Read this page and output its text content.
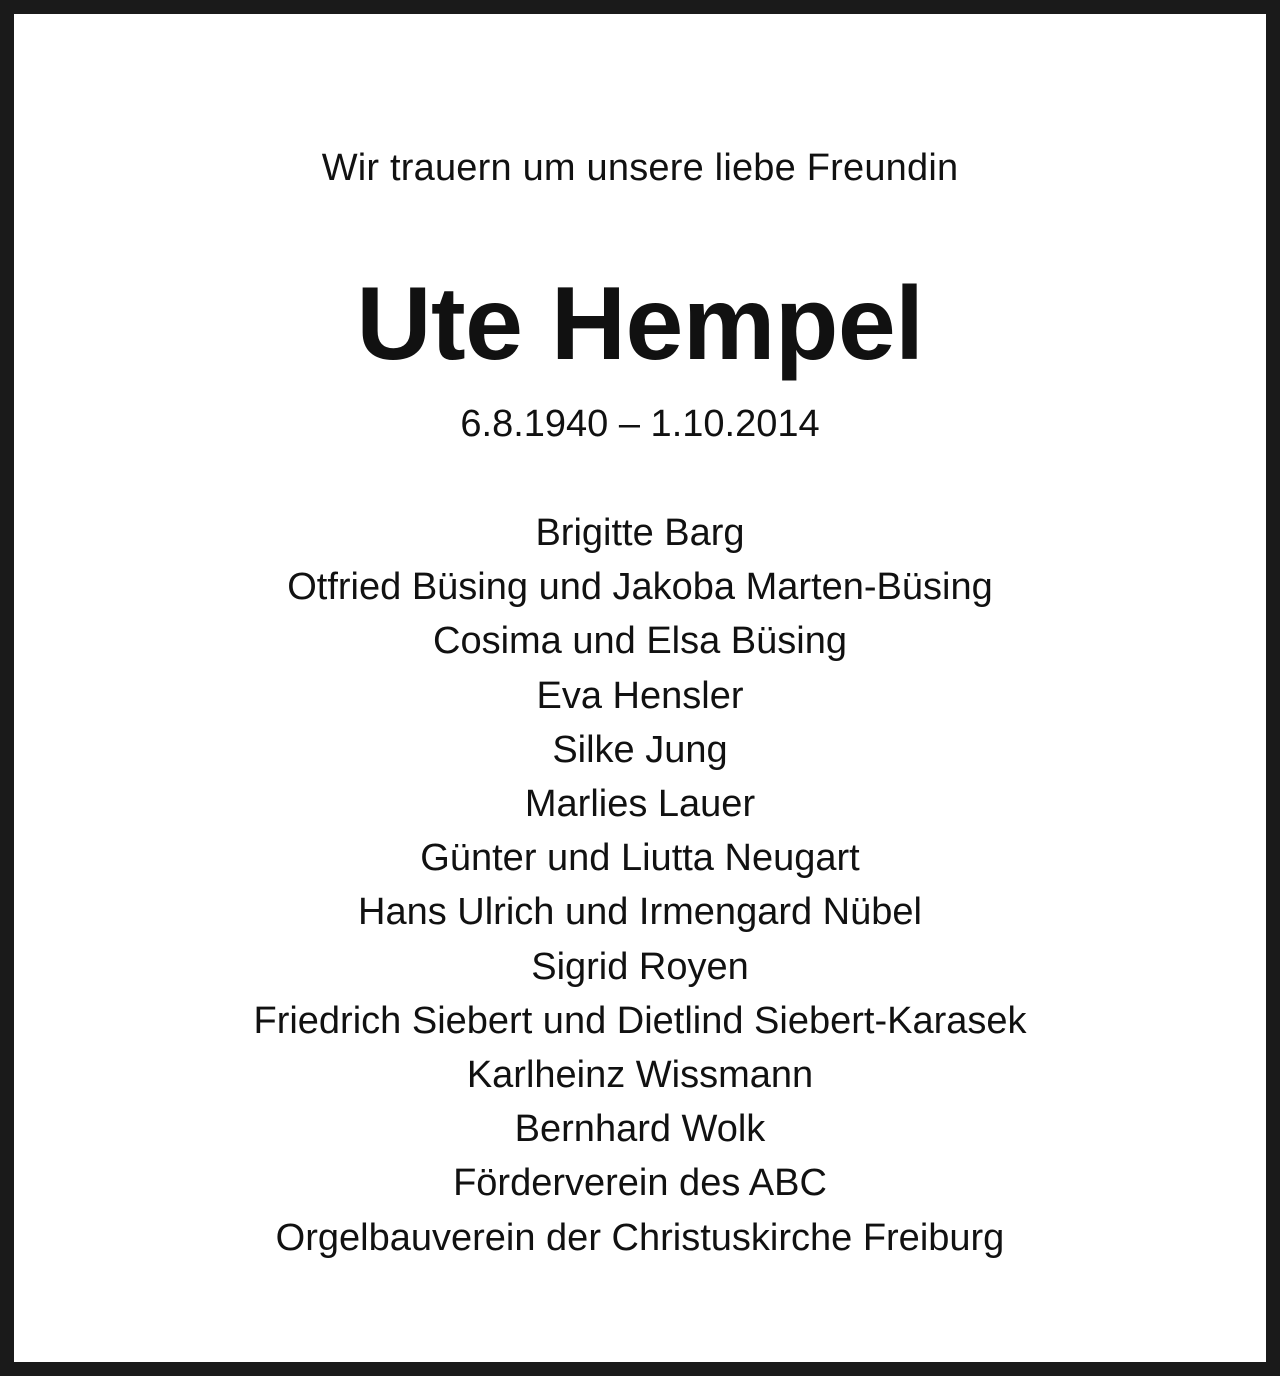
Wir trauern um unsere liebe Freundin
Ute Hempel
6.8.1940 – 1.10.2014
Brigitte Barg
Otfried Büsing und Jakoba Marten-Büsing
Cosima und Elsa Büsing
Eva Hensler
Silke Jung
Marlies Lauer
Günter und Liutta Neugart
Hans Ulrich und Irmengard Nübel
Sigrid Royen
Friedrich Siebert und Dietlind Siebert-Karasek
Karlheinz Wissmann
Bernhard Wolk
Förderverein des ABC
Orgelbauverein der Christuskirche Freiburg
